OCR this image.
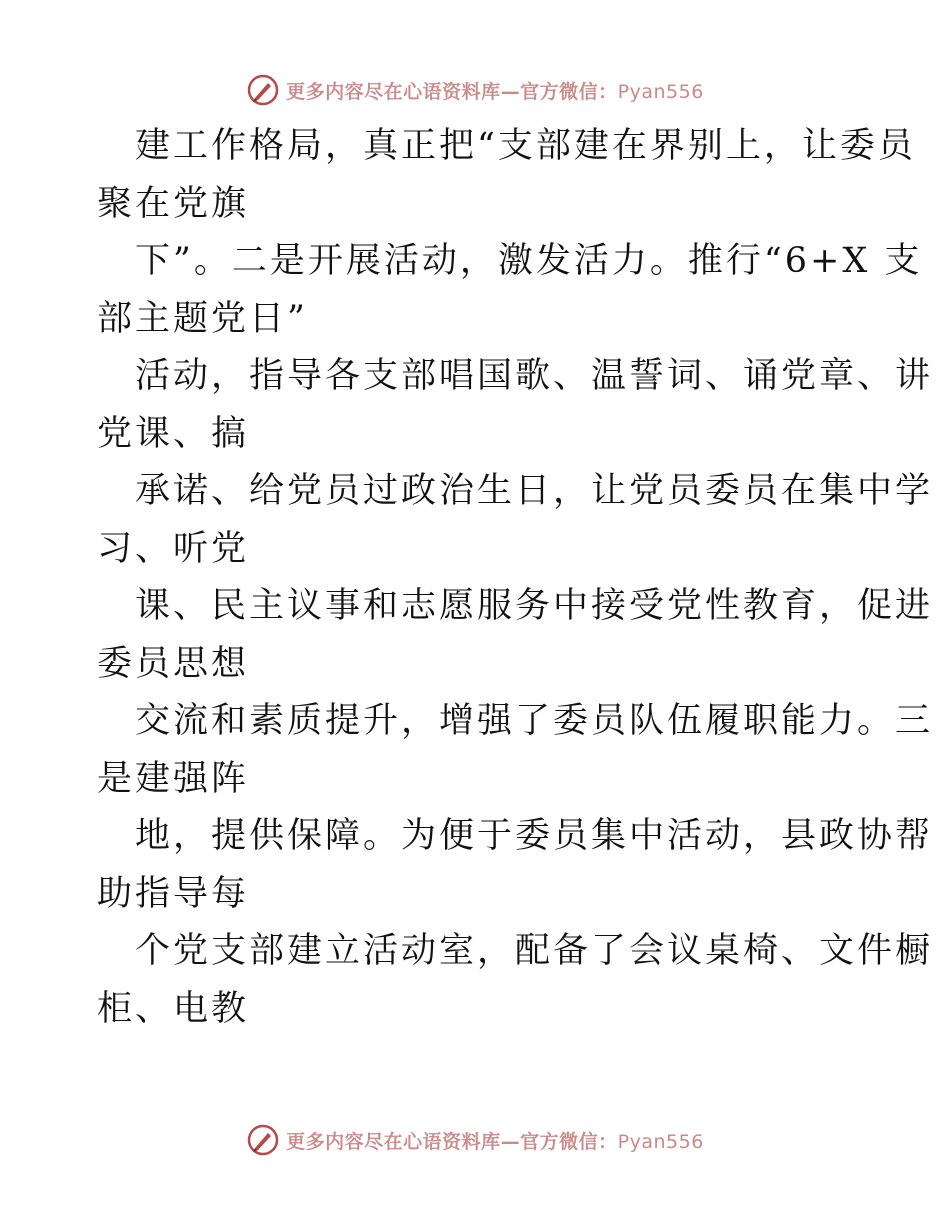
更多内容尽在心语资料库—官方微信：Pyan556
建工作格局，真正把“支部建在界别上，让委员
聚在党旗
下”。二是开展活动，激发活力。推行“6+X 支
部主题党日”
活动，指导各支部唱国歌、温誓词、诵党章、讲
党课、搞
承诺、给党员过政治生日，让党员委员在集中学
习、听党
课、民主议事和志愿服务中接受党性教育，促进
委员思想
交流和素质提升，增强了委员队伍履职能力。三
是建强阵
地，提供保障。为便于委员集中活动，县政协帮
助指导每
个党支部建立活动室，配备了会议桌椅、文件橱
柜、电教
更多内容尽在心语资料库—官方微信：Pyan556
